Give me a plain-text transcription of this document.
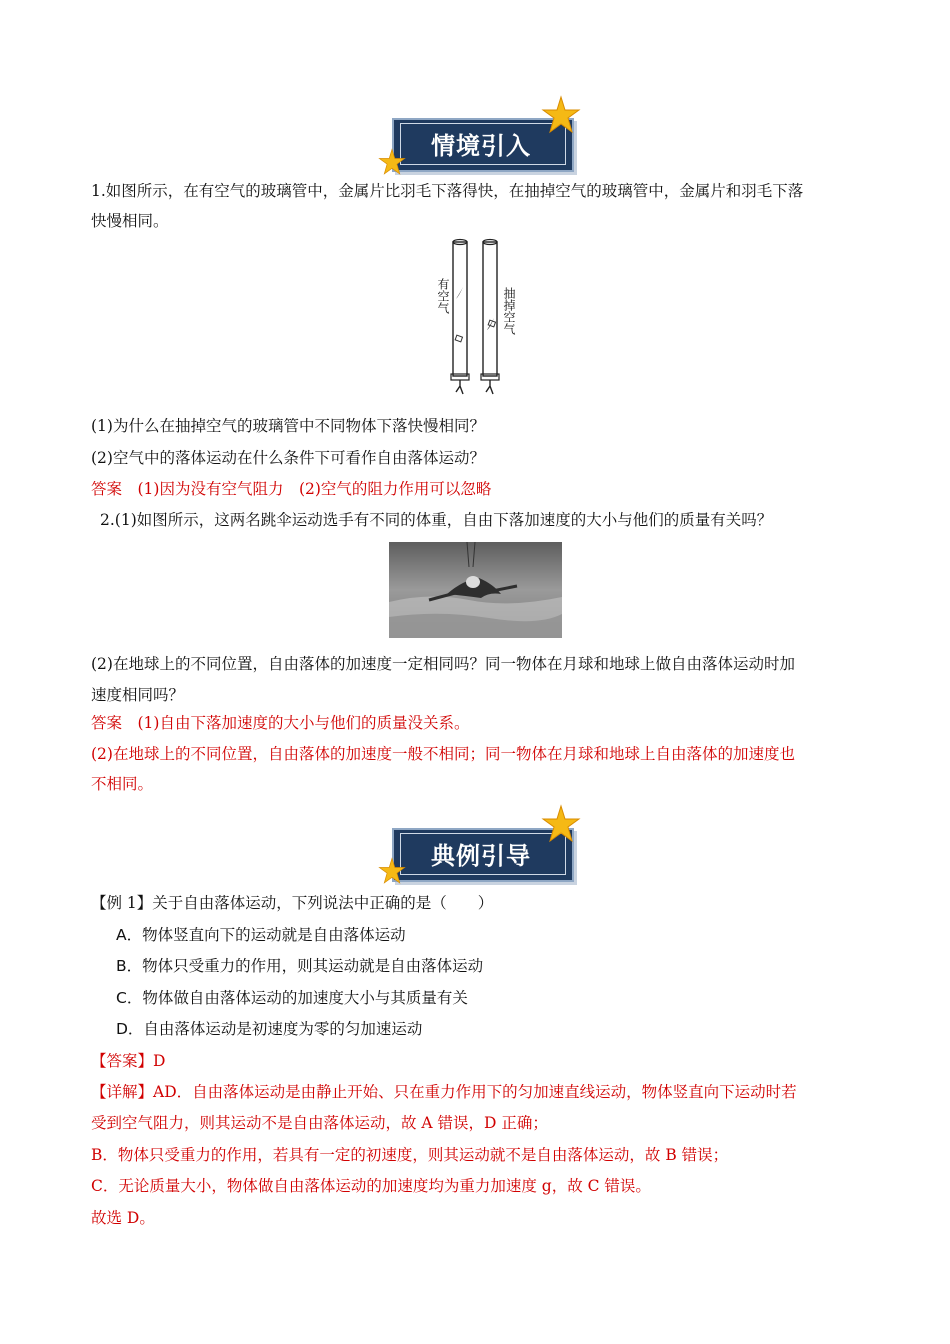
情境引入
1.如图所示，在有空气的玻璃管中，金属片比羽毛下落得快，在抽掉空气的玻璃管中，金属片和羽毛下落
快慢相同。
有空气	抽掉空气
(1)为什么在抽掉空气的玻璃管中不同物体下落快慢相同？
(2)空气中的落体运动在什么条件下可看作自由落体运动？
答案　(1)因为没有空气阻力　(2)空气的阻力作用可以忽略
2.(1)如图所示，这两名跳伞运动选手有不同的体重，自由下落加速度的大小与他们的质量有关吗？
(2)在地球上的不同位置，自由落体的加速度一定相同吗？同一物体在月球和地球上做自由落体运动时加
速度相同吗？
答案　(1)自由下落加速度的大小与他们的质量没关系。
(2)在地球上的不同位置，自由落体的加速度一般不相同；同一物体在月球和地球上自由落体的加速度也
不相同。
典例引导
【例 1】关于自由落体运动，下列说法中正确的是（　　）
A．物体竖直向下的运动就是自由落体运动
B．物体只受重力的作用，则其运动就是自由落体运动
C．物体做自由落体运动的加速度大小与其质量有关
D．自由落体运动是初速度为零的匀加速运动
【答案】D
【详解】AD．自由落体运动是由静止开始、只在重力作用下的匀加速直线运动，物体竖直向下运动时若
受到空气阻力，则其运动不是自由落体运动，故 A 错误，D 正确；
B．物体只受重力的作用，若具有一定的初速度，则其运动就不是自由落体运动，故 B 错误；
C．无论质量大小，物体做自由落体运动的加速度均为重力加速度 g，故 C 错误。
故选 D。
